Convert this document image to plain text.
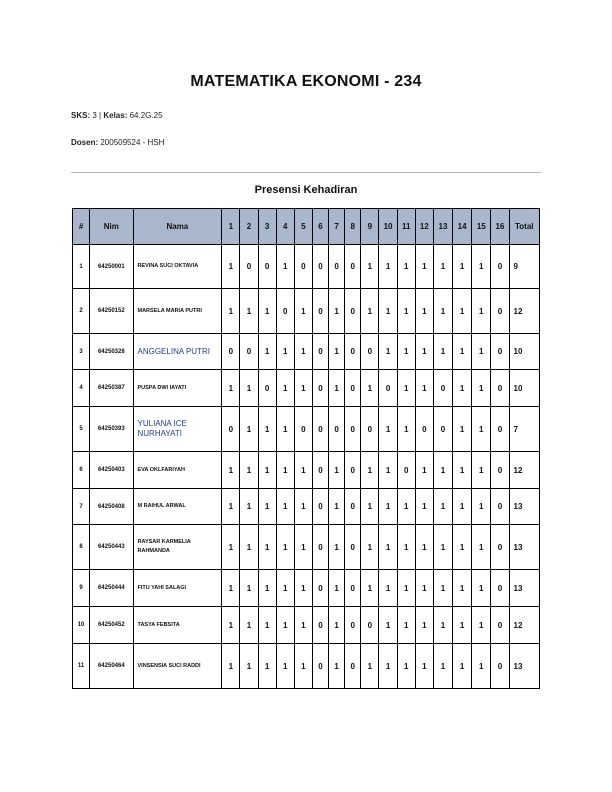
MATEMATIKA EKONOMI - 234
SKS: 3 | Kelas: 64.2G.25
Dosen: 200509524 - HSH
Presensi Kehadiran
#	Nim	Nama	1	2	3	4	5	6	7	8	9	10	11	12	13	14	15	16	Total
1	64250001	REVINA SUCI OKTAVIA	1	0	0	1	0	0	0	0	1	1	1	1	1	1	1	0	9
2	64250152	MARSELA MARIA PUTRI	1	1	1	0	1	0	1	0	1	1	1	1	1	1	1	0	12
3	64250328	ANGGELINA PUTRI	0	0	1	1	1	0	1	0	0	1	1	1	1	1	1	0	10
4	64250387	PUSPA DWI IAYATI	1	1	0	1	1	0	1	0	1	0	1	1	0	1	1	0	10
5	64250393	YULIANA ICE NURHAYATI	0	1	1	1	0	0	0	0	0	1	1	0	0	1	1	0	7
6	64250403	EVA OKLFARIYAH	1	1	1	1	1	0	1	0	1	1	0	1	1	1	1	0	12
7	64250408	M RAIHUL ARWAL	1	1	1	1	1	0	1	0	1	1	1	1	1	1	1	0	13
8	64250443	RAYSAR KARMELIA RAHMANDA	1	1	1	1	1	0	1	0	1	1	1	1	1	1	1	0	13
9	64250444	FITU YAHI SALAGI	1	1	1	1	1	0	1	0	1	1	1	1	1	1	1	0	13
10	64250452	TASYA FEBSITA	1	1	1	1	1	0	1	0	0	1	1	1	1	1	1	0	12
11	64250464	VINSENSIA SUCI RADDI	1	1	1	1	1	0	1	0	1	1	1	1	1	1	1	0	13
